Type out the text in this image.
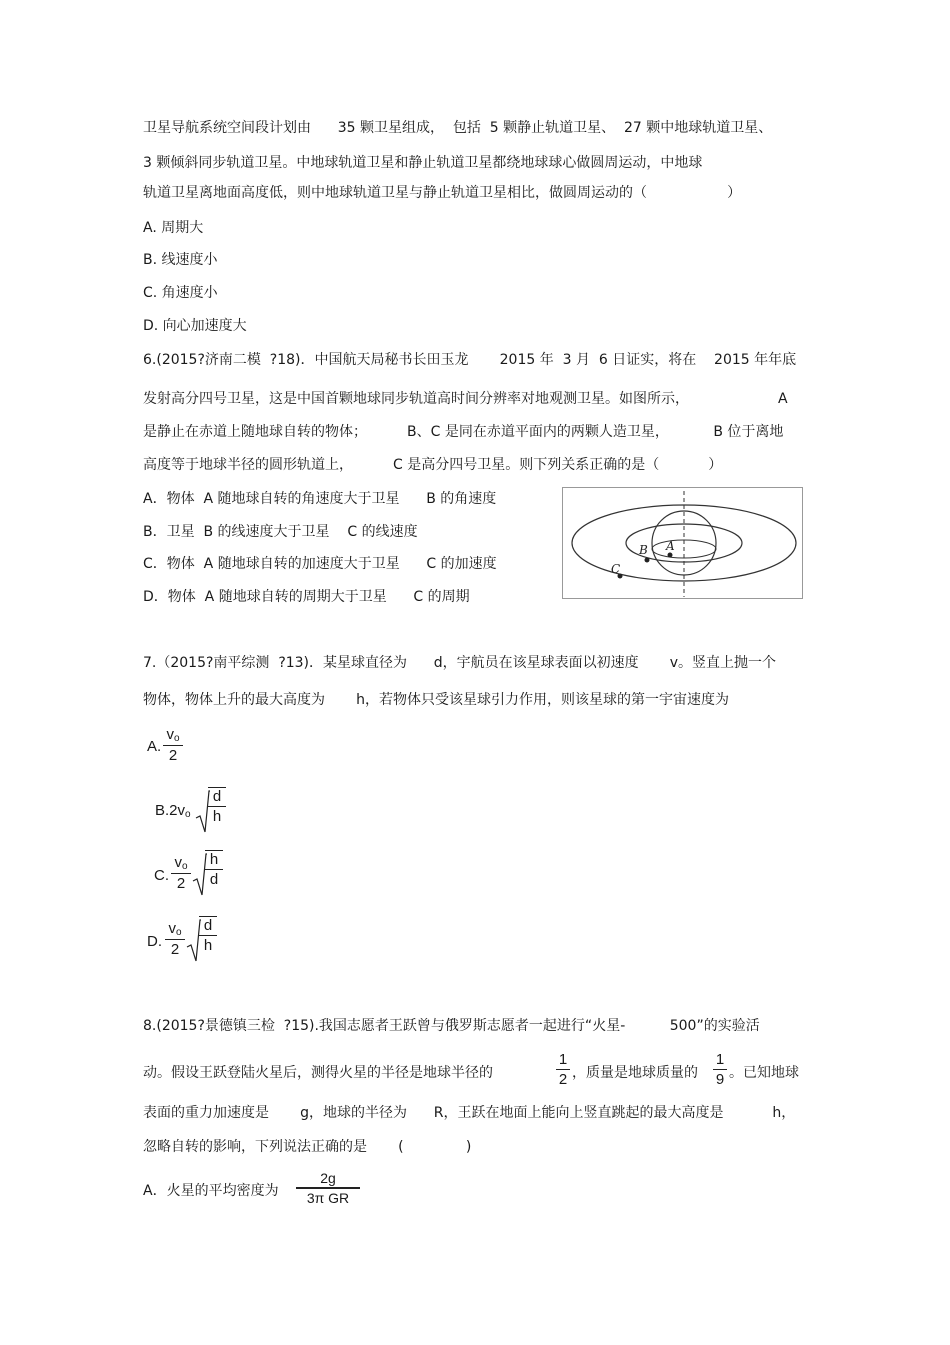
卫星导航系统空间段计划由      35 颗卫星组成，  包括  5 颗静止轨道卫星、  27 颗中地球轨道卫星、
3 颗倾斜同步轨道卫星。中地球轨道卫星和静止轨道卫星都绕地球球心做圆周运动，中地球
轨道卫星离地面高度低，则中地球轨道卫星与静止轨道卫星相比，做圆周运动的（                  ）
A. 周期大
B. 线速度小
C. 角速度小
D. 向心加速度大
6.(2015?济南二模  ?18)．中国航天局秘书长田玉龙       2015 年  3 月  6 日证实，将在    2015 年年底
发射高分四号卫星，这是中国首颗地球同步轨道高时间分辨率对地观测卫星。如图所示，                    A
是静止在赤道上随地球自转的物体；         B、C 是同在赤道平面内的两颗人造卫星，          B 位于离地
高度等于地球半径的圆形轨道上，         C 是高分四号卫星。则下列关系正确的是（           ）
A．物体  A 随地球自转的角速度大于卫星      B 的角速度
B．卫星  B 的线速度大于卫星    C 的线速度
C．物体  A 随地球自转的加速度大于卫星      C 的加速度
D．物体  A 随地球自转的周期大于卫星      C 的周期
A
B
C
7.（2015?南平综测  ?13)．某星球直径为      d，宇航员在该星球表面以初速度       v。竖直上抛一个
物体，物体上升的最大高度为       h，若物体只受该星球引力作用，则该星球的第一宇宙速度为
A.
$v_o$
2
$B.2v_o$
d
h
C.
$v_o$
2
h
d
D.
$v_o$
2
d
h
8.(2015?景德镇三检  ?15).我国志愿者王跃曾与俄罗斯志愿者一起进行“火星-          500”的实验活
动。假设王跃登陆火星后，测得火星的半径是地球半径的
1
2 ，质量是地球质量的
1
9 。已知地球
表面的重力加速度是       g，地球的半径为      R，王跃在地面上能向上竖直跳起的最大高度是           h，
忽略自转的影响，下列说法正确的是       (              )
A．火星的平均密度为
2g
3π GR
